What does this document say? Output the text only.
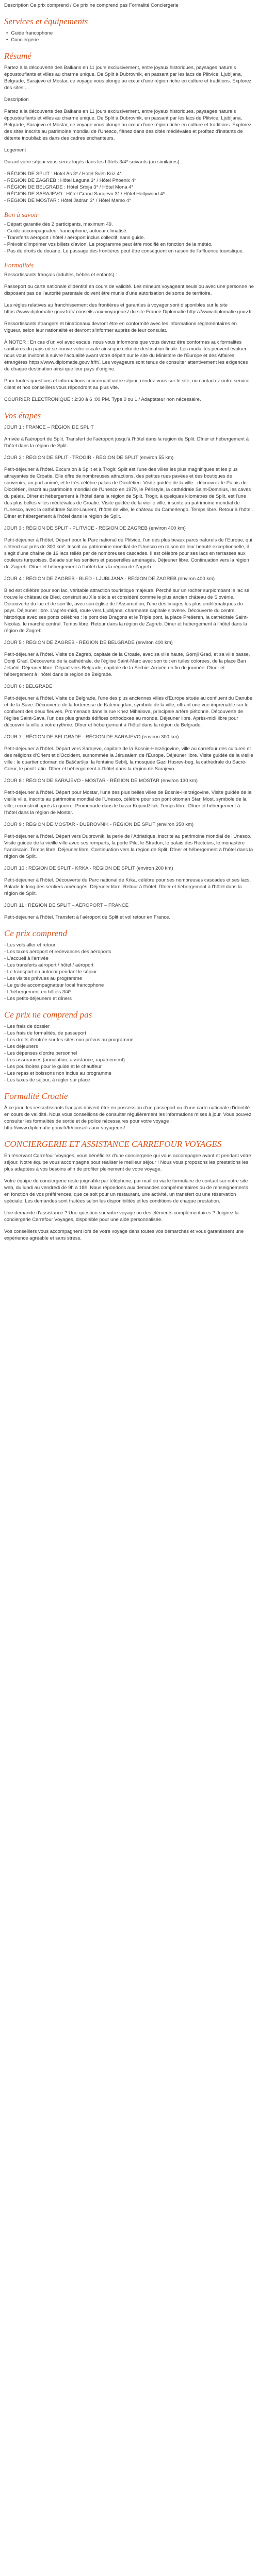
Description Ce prix comprend / Ce prix ne comprend pas Formalité Conciergerie

Services et équipements
• Guide francophone
• Conciergerie
Résumé

Partez à la découverte des Balkans en 11 jours exclusivement, entre joyaux historiques, paysages naturels époustouflants et villes au charme unique. De Split à Dubrovnik, en passant par les lacs de Plitvice, Ljubljana, Belgrade, Sarajevo et Mostar, ce voyage vous plonge au cœur d'une région riche en culture et traditions. Explorez des sites ...

Description

Partez à la découverte des Balkans en 11 jours exclusivement, entre joyaux historiques, paysages naturels époustouflants et villes au charme unique. De Split à Dubrovnik, en passant par les lacs de Plitvice, Ljubljana, Belgrade, Sarajevo et Mostar, ce voyage vous plonge au cœur d'une région riche en culture et traditions. Explorez des sites inscrits au patrimoine mondial de l'Unesco, flânez dans des cités médiévales et profitez d'instants de détente inoubliables dans des cadres enchanteurs.

Logement

Durant votre séjour vous serez logés dans les hôtels 3/4* suivants (ou similaires) :

- RÉGION DE SPLIT : Hotel As 3* / Hotel Sveti Kriz 4*
- RÉGION DE ZAGREB : Hôtel Laguna 3* / Hôtel Phoenix 4*
- RÉGION DE BELGRADE : Hôtel Srbija 3* / Hôtel Mona 4*
- RÉGION DE SARAJEVO : Hôtel Grand Sarajevo 3* / Hôtel Hollywood 4*
- RÉGION DE MOSTAR : Hôtel Jadran 3* / Hôtel Mamo 4*

Bon à savoir

- Départ garantie dès 2 participants, maximum 49.
- Guide accompagnateur francophone, autocar climatisé.
- Transferts aéroport / hôtel / aéroport inclus collectif, sans guide.
- Prévoir d'imprimer vos billets d'avion. Le programme peut être modifié en fonction de la météo.
- Pas de droits de douane. Le passage des frontières peut être conséquent en raison de l'affluence touristique.

Formalités

Ressortissants français (adultes, bébés et enfants) :

Passeport ou carte nationale d'identité en cours de validité. Les mineurs voyageant seuls ou avec une personne ne disposant pas de l'autorité parentale doivent être munis d'une autorisation de sortie de territoire.

Les règles relatives au franchissement des frontières et garanties à voyager sont disponibles sur le site https://www.diplomatie.gouv.fr/fr/ conseils-aux-voyageurs/ du site France Diplomatie https://www.diplomatie.gouv.fr.

Ressortissants étrangers et binationaux devront être en conformité avec les informations réglementaires en vigueur, selon leur nationalité et devront s'informer auprès de leur consulat.

À NOTER : En cas d'un vol avec escale, nous vous informons que vous devrez être conformes aux formalités sanitaires du pays où se trouve votre escale ainsi que celui de destination finale. Les modalités peuvent évoluer, nous vous invitons à suivre l'actualité avant votre départ sur le site du Ministère de l'Europe et des Affaires étrangères https://www.diplomatie.gouv.fr/fr/. Les voyageurs sont tenus de consulter attentivement les exigences de chaque destination ainsi que leur pays d'origine.

Pour toutes questions et informations concernant votre séjour, rendez-vous sur le site, ou contactez notre service client et nos conseillers vous répondront au plus vite.

COURRIER ÉLECTRONIQUE : 2:30 à 6 :00 PM. Type 0 ou 1 / Adaptateur non nécessaire.

Vos étapes

JOUR 1 : FRANCE – RÉGION DE SPLIT

Arrivée à l'aéroport de Split. Transfert de l'aéroport jusqu'à l'hôtel dans la région de Split. Dîner et hébergement à l'hôtel dans la région de Split.

JOUR 2 : RÉGION DE SPLIT - TROGIR - RÉGION DE SPLIT (environ 55 km)

Petit-déjeuner à l'hôtel. Excursion à Split et à Trogir. Split est l'une des villes les plus magnifiques et les plus attrayantes de Croatie. Elle offre de nombreuses attractions, des petites rues pavées et des boutiques de souvenirs, un port animé, et le très célèbre palais de Dioclétien. Visite guidée de la ville : découvrez le Palais de Dioclétien, inscrit au patrimoine mondial de l'Unesco en 1979, le Péristyle, la cathédrale Saint-Domnius, les caves du palais. Dîner et hébergement à l'hôtel dans la région de Split. Trogir, à quelques kilomètres de Split, est l'une des plus belles villes médiévales de Croatie. Visite guidée de la vieille ville, inscrite au patrimoine mondial de l'Unesco, avec la cathédrale Saint-Laurent, l'hôtel de ville, le château du Camerlengo. Temps libre. Retour à l'hôtel. Dîner et hébergement à l'hôtel dans la région de Split.

JOUR 3 : RÉGION DE SPLIT - PLITVICE - RÉGION DE ZAGREB (environ 400 km)

Petit-déjeuner à l'hôtel. Départ pour le Parc national de Plitvice, l'un des plus beaux parcs naturels de l'Europe, qui s'étend sur près de 300 km². Inscrit au patrimoine mondial de l'Unesco en raison de leur beauté exceptionnelle, il s'agit d'une chaîne de 16 lacs reliés par de nombreuses cascades. Il est célèbre pour ses lacs en terrasses aux couleurs turquoises. Balade sur les sentiers et passerelles aménagés. Déjeuner libre. Continuation vers la région de Zagreb. Dîner et hébergement à l'hôtel dans la région de Zagreb.

JOUR 4 : RÉGION DE ZAGREB - BLED - LJUBLJANA - RÉGION DE ZAGREB (environ 400 km)

Bled est célèbre pour son lac, véritable attraction touristique majeure. Perché sur un rocher surplombant le lac se trouve le château de Bled, construit au XIe siècle et considéré comme le plus ancien château de Slovénie. Découverte du lac et de son île, avec son église de l'Assomption, l'une des images les plus emblématiques du pays. Déjeuner libre. L'après-midi, route vers Ljubljana, charmante capitale slovène. Découverte du centre historique avec ses ponts célèbres : le pont des Dragons et le Triple pont, la place Prešeren, la cathédrale Saint-Nicolas, le marché central. Temps libre. Retour dans la région de Zagreb. Dîner et hébergement à l'hôtel dans la région de Zagreb.

JOUR 5 : RÉGION DE ZAGREB - RÉGION DE BELGRADE (environ 400 km)

Petit-déjeuner à l'hôtel. Visite de Zagreb, capitale de la Croatie, avec sa ville haute, Gornji Grad, et sa ville basse, Donji Grad. Découverte de la cathédrale, de l'église Saint-Marc avec son toit en tuiles colorées, de la place Ban Jelačić. Déjeuner libre. Départ vers Belgrade, capitale de la Serbie. Arrivée en fin de journée. Dîner et hébergement à l'hôtel dans la région de Belgrade.

JOUR 6 : BELGRADE

Petit-déjeuner à l'hôtel. Visite de Belgrade, l'une des plus anciennes villes d'Europe située au confluent du Danube et de la Save. Découverte de la forteresse de Kalemegdan, symbole de la ville, offrant une vue imprenable sur le confluent des deux fleuves. Promenade dans la rue Knez Mihailova, principale artère piétonne. Découverte de l'église Saint-Sava, l'un des plus grands édifices orthodoxes au monde. Déjeuner libre. Après-midi libre pour découvrir la ville à votre rythme. Dîner et hébergement à l'hôtel dans la région de Belgrade.

JOUR 7 : RÉGION DE BELGRADE - RÉGION DE SARAJEVO (environ 300 km)

Petit-déjeuner à l'hôtel. Départ vers Sarajevo, capitale de la Bosnie-Herzégovine, ville au carrefour des cultures et des religions d'Orient et d'Occident, surnommée la Jérusalem de l'Europe. Déjeuner libre. Visite guidée de la vieille ville : le quartier ottoman de Baščaršija, la fontaine Sebilj, la mosquée Gazi Husrev-beg, la cathédrale du Sacré-Cœur, le pont Latin. Dîner et hébergement à l'hôtel dans la région de Sarajevo.

JOUR 8 : RÉGION DE SARAJEVO - MOSTAR - RÉGION DE MOSTAR (environ 130 km)

Petit-déjeuner à l'hôtel. Départ pour Mostar, l'une des plus belles villes de Bosnie-Herzégovine. Visite guidée de la vieille ville, inscrite au patrimoine mondial de l'Unesco, célèbre pour son pont ottoman Stari Most, symbole de la ville, reconstruit après la guerre. Promenade dans le bazar Kujundžiluk. Temps libre. Dîner et hébergement à l'hôtel dans la région de Mostar.

JOUR 9 : RÉGION DE MOSTAR - DUBROVNIK - RÉGION DE SPLIT (environ 350 km)

Petit-déjeuner à l'hôtel. Départ vers Dubrovnik, la perle de l'Adriatique, inscrite au patrimoine mondial de l'Unesco. Visite guidée de la vieille ville avec ses remparts, la porte Pile, le Stradun, le palais des Recteurs, le monastère franciscain. Temps libre. Déjeuner libre. Continuation vers la région de Split. Dîner et hébergement à l'hôtel dans la région de Split.

JOUR 10 : RÉGION DE SPLIT - KRKA - RÉGION DE SPLIT (environ 200 km)

Petit-déjeuner à l'hôtel. Découverte du Parc national de Krka, célèbre pour ses nombreuses cascades et ses lacs. Balade le long des sentiers aménagés. Déjeuner libre. Retour à l'hôtel. Dîner et hébergement à l'hôtel dans la région de Split.

JOUR 11 : RÉGION DE SPLIT – AÉROPORT – FRANCE

Petit-déjeuner à l'hôtel. Transfert à l'aéroport de Split et vol retour en France.

Ce prix comprend

- Les vols aller et retour
- Les taxes aéroport et redevances des aéroports
- L'accueil à l'arrivée
- Les transferts aéroport / hôtel / aéroport
- Le transport en autocar pendant le séjour
- Les visites prévues au programme
- Le guide accompagnateur local francophone
- L'hébergement en hôtels 3/4*
- Les petits-déjeuners et dîners

Ce prix ne comprend pas

- Les frais de dossier
- Les frais de formalités, de passeport
- Les droits d'entrée sur les sites non prévus au programme
- Les déjeuners
- Les dépenses d'ordre personnel
- Les assurances (annulation, assistance, rapatriement)
- Les pourboires pour le guide et le chauffeur
- Les repas et boissons non inclus au programme
- Les taxes de séjour, à régler sur place

Formalité Croatie

À ce jour, les ressortissants français doivent être en possession d'un passeport ou d'une carte nationale d'identité en cours de validité. Nous vous conseillons de consulter régulièrement les informations mises à jour. Vous pouvez consulter les formalités de sortie et de police nécessaires pour votre voyage : http://www.diplomatie.gouv.fr/fr/conseils-aux-voyageurs/

CONCIERGERIE ET ASSISTANCE CARREFOUR VOYAGES

En réservant Carrefour Voyages, vous bénéficiez d'une conciergerie qui vous accompagne avant et pendant votre séjour. Notre équipe vous accompagne pour réaliser le meilleur séjour ! Nous vous proposons les prestations les plus adaptées à vos besoins afin de profiter pleinement de votre voyage.

Votre équipe de conciergerie reste joignable par téléphone, par mail ou via le formulaire de contact sur notre site web, du lundi au vendredi de 9h à 18h. Nous répondons aux demandes complémentaires ou de renseignements en fonction de vos préférences, que ce soit pour un restaurant, une activité, un transfert ou une réservation spéciale. Les demandes sont traitées selon les disponibilités et les conditions de chaque prestation.

Une demande d'assistance ? Une question sur votre voyage ou des éléments complémentaires ? Joignez la conciergerie Carrefour Voyages, disponible pour une aide personnalisée.

Vos conseillers vous accompagnent lors de votre voyage dans toutes vos démarches et vous garantissent une expérience agréable et sans stress.
